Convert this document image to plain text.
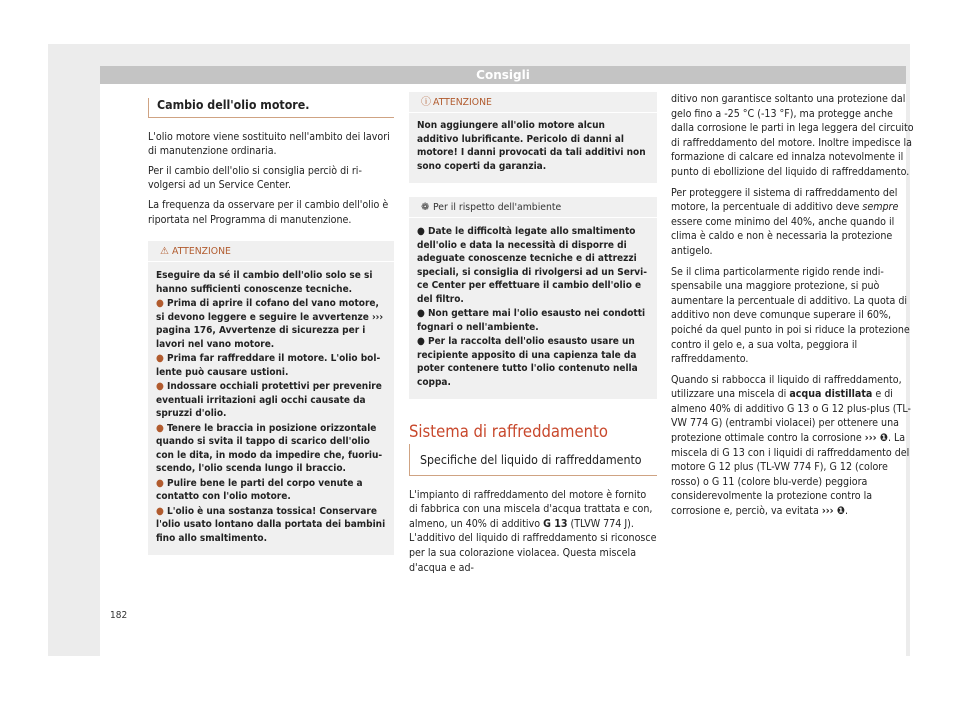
Consigli
Cambio dell'olio motore.

L'olio motore viene sostituito nell'ambito dei lavori di manutenzione ordinaria.

Per il cambio dell'olio si consiglia perciò di rivolgersi ad un Service Center.

La frequenza da osservare per il cambio dell'olio è riportata nel Programma di manutenzione.

⚠ ATTENZIONE
Eseguire da sé il cambio dell'olio solo se si hanno sufficienti conoscenze tecniche.
● Prima di aprire il cofano del vano motore, si devono leggere e seguire le avvertenze ››› pagina 176, Avvertenze di sicurezza per i lavori nel vano motore.
● Prima far raffreddare il motore. L'olio bollente può causare ustioni.
● Indossare occhiali protettivi per prevenire eventuali irritazioni agli occhi causate da spruzzi d'olio.
● Tenere le braccia in posizione orizzontale quando si svita il tappo di scarico dell'olio con le dita, in modo da impedire che, fuoriuscendo, l'olio scenda lungo il braccio.
● Pulire bene le parti del corpo venute a contatto con l'olio motore.
● L'olio è una sostanza tossica! Conservare l'olio usato lontano dalla portata dei bambini fino allo smaltimento.
ⓘ ATTENZIONE
Non aggiungere all'olio motore alcun additivo lubrificante. Pericolo di danni al motore! I danni provocati da tali additivi non sono coperti da garanzia.
❁ Per il rispetto dell'ambiente
● Date le difficoltà legate allo smaltimento dell'olio e data la necessità di disporre di adeguate conoscenze tecniche e di attrezzi speciali, si consiglia di rivolgersi ad un Service Center per effettuare il cambio dell'olio e del filtro.
● Non gettare mai l'olio esausto nei condotti fognari o nell'ambiente.
● Per la raccolta dell'olio esausto usare un recipiente apposito di una capienza tale da poter contenere tutto l'olio contenuto nella coppa.
Sistema di raffreddamento
Specifiche del liquido di raffreddamento

L'impianto di raffreddamento del motore è fornito di fabbrica con una miscela d'acqua trattata e con, almeno, un 40% di additivo G 13 (TLVW 774 J). L'additivo del liquido di raffreddamento si riconosce per la sua colorazione violacea. Questa miscela d'acqua e ad-

ditivo non garantisce soltanto una protezione dal gelo fino a -25 °C (-13 °F), ma protegge anche dalla corrosione le parti in lega leggera del circuito di raffreddamento del motore. Inoltre impedisce la formazione di calcare ed innalza notevolmente il punto di ebollizione del liquido di raffreddamento.

Per proteggere il sistema di raffreddamento del motore, la percentuale di additivo deve sempre essere come minimo del 40%, anche quando il clima è caldo e non è necessaria la protezione antigelo.

Se il clima particolarmente rigido rende indispensabile una maggiore protezione, si può aumentare la percentuale di additivo. La quota di additivo non deve comunque superare il 60%, poiché da quel punto in poi si riduce la protezione contro il gelo e, a sua volta, peggiora il raffreddamento.

Quando si rabbocca il liquido di raffreddamento, utilizzare una miscela di acqua distillata e di almeno 40% di additivo G 13 o G 12 plus-plus (TL-VW 774 G) (entrambi violacei) per ottenere una protezione ottimale contro la corrosione ››› ❶. La miscela di G 13 con i liquidi di raffreddamento del motore G 12 plus (TL-VW 774 F), G 12 (colore rosso) o G 11 (colore blu-verde) peggiora considerevolmente la protezione contro la corrosione e, perciò, va evitata ››› ❶.

182
